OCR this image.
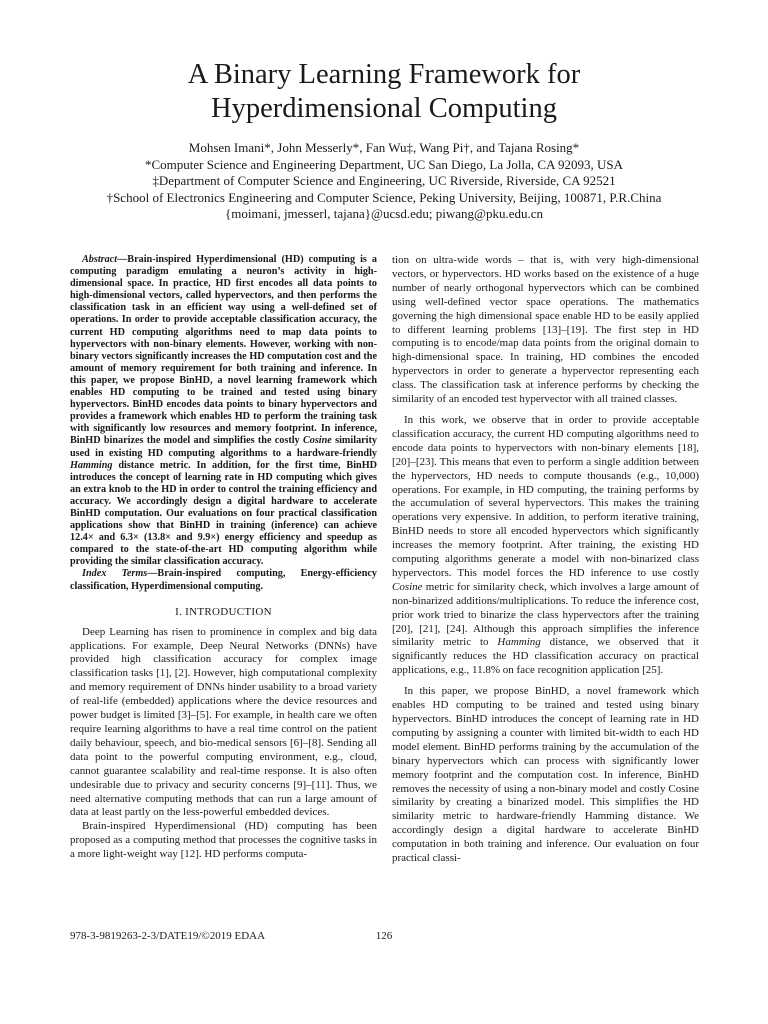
A Binary Learning Framework for
Hyperdimensional Computing
Mohsen Imani*, John Messerly*, Fan Wu‡, Wang Pi†, and Tajana Rosing*
*Computer Science and Engineering Department, UC San Diego, La Jolla, CA 92093, USA
‡Department of Computer Science and Engineering, UC Riverside, Riverside, CA 92521
†School of Electronics Engineering and Computer Science, Peking University, Beijing, 100871, P.R.China
{moimani, jmesserl, tajana}@ucsd.edu; piwang@pku.edu.cn

Abstract—Brain-inspired Hyperdimensional (HD) computing is a computing paradigm emulating a neuron’s activity in high-dimensional space. In practice, HD first encodes all data points to high-dimensional vectors, called hypervectors, and then performs the classification task in an efficient way using a well-defined set of operations. In order to provide acceptable classification accuracy, the current HD computing algorithms need to map data points to hypervectors with non-binary elements. However, working with non-binary vectors significantly increases the HD computation cost and the amount of memory requirement for both training and inference. In this paper, we propose BinHD, a novel learning framework which enables HD computing to be trained and tested using binary hypervectors. BinHD encodes data points to binary hypervectors and provides a framework which enables HD to perform the training task with significantly low resources and memory footprint. In inference, BinHD binarizes the model and simplifies the costly Cosine similarity used in existing HD computing algorithms to a hardware-friendly Hamming distance metric. In addition, for the first time, BinHD introduces the concept of learning rate in HD computing which gives an extra knob to the HD in order to control the training efficiency and accuracy. We accordingly design a digital hardware to accelerate BinHD computation. Our evaluations on four practical classification applications show that BinHD in training (inference) can achieve 12.4× and 6.3× (13.8× and 9.9×) energy efficiency and speedup as compared to the state-of-the-art HD computing algorithm while providing the similar classification accuracy.

Index Terms—Brain-inspired computing, Energy-efficiency classification, Hyperdimensional computing.

I. INTRODUCTION

Deep Learning has risen to prominence in complex and big data applications. For example, Deep Neural Networks (DNNs) have provided high classification accuracy for complex image classification tasks [1], [2]. However, high computational complexity and memory requirement of DNNs hinder usability to a broad variety of real-life (embedded) applications where the device resources and power budget is limited [3]–[5]. For example, in health care we often require learning algorithms to have a real time control on the patient daily behaviour, speech, and bio-medical sensors [6]–[8]. Sending all data point to the powerful computing environment, e.g., cloud, cannot guarantee scalability and real-time response. It is also often undesirable due to privacy and security concerns [9]–[11]. Thus, we need alternative computing methods that can run a large amount of data at least partly on the less-powerful embedded devices.

Brain-inspired Hyperdimensional (HD) computing has been proposed as a computing method that processes the cognitive tasks in a more light-weight way [12]. HD performs computa-

tion on ultra-wide words – that is, with very high-dimensional vectors, or hypervectors. HD works based on the existence of a huge number of nearly orthogonal hypervectors which can be combined using well-defined vector space operations. The mathematics governing the high dimensional space enable HD to be easily applied to different learning problems [13]–[19]. The first step in HD computing is to encode/map data points from the original domain to high-dimensional space. In training, HD combines the encoded hypervectors in order to generate a hypervector representing each class. The classification task at inference performs by checking the similarity of an encoded test hypervector with all trained classes.

In this work, we observe that in order to provide acceptable classification accuracy, the current HD computing algorithms need to encode data points to hypervectors with non-binary elements [18], [20]–[23]. This means that even to perform a single addition between the hypervectors, HD needs to compute thousands (e.g., 10,000) operations. For example, in HD computing, the training performs by the accumulation of several hypervectors. This makes the training operations very expensive. In addition, to perform iterative training, BinHD needs to store all encoded hypervectors which significantly increases the memory footprint. After training, the existing HD computing algorithms generate a model with non-binarized class hypervectors. This model forces the HD inference to use costly Cosine metric for similarity check, which involves a large amount of non-binarized additions/multiplications. To reduce the inference cost, prior work tried to binarize the class hypervectors after the training [20], [21], [24]. Although this approach simplifies the inference similarity metric to Hamming distance, we observed that it significantly reduces the HD classification accuracy on practical applications, e.g., 11.8% on face recognition application [25].

In this paper, we propose BinHD, a novel framework which enables HD computing to be trained and tested using binary hypervectors. BinHD introduces the concept of learning rate in HD computing by assigning a counter with limited bit-width to each HD model element. BinHD performs training by the accumulation of the binary hypervectors which can process with significantly lower memory footprint and the computation cost. In inference, BinHD removes the necessity of using a non-binary model and costly Cosine similarity by creating a binarized model. This simplifies the HD similarity metric to hardware-friendly Hamming distance. We accordingly design a digital hardware to accelerate BinHD computation in both training and inference. Our evaluation on four practical classi-

978-3-9819263-2-3/DATE19/©2019 EDAA	126
